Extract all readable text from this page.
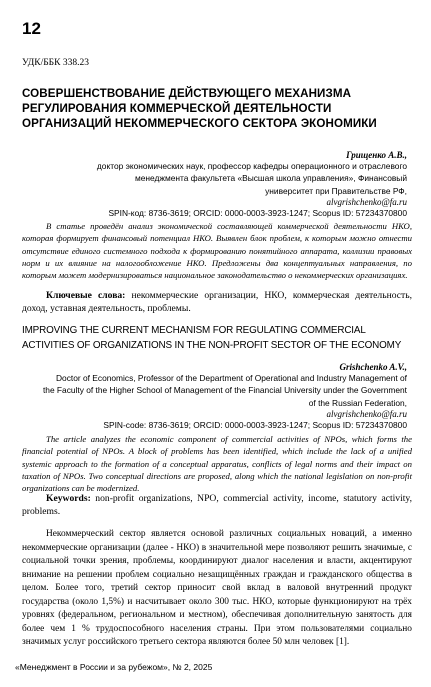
12
УДК/ББК 338.23
СОВЕРШЕНСТВОВАНИЕ ДЕЙСТВУЮЩЕГО МЕХАНИЗМА РЕГУЛИРОВАНИЯ КОММЕРЧЕСКОЙ ДЕЯТЕЛЬНОСТИ ОРГАНИЗАЦИЙ НЕКОММЕРЧЕСКОГО СЕКТОРА ЭКОНОМИКИ
Грищенко А.В.,
доктор экономических наук, профессор кафедры операционного и отраслевого
менеджмента факультета «Высшая школа управления», Финансовый
университет при Правительстве РФ,
alvgrishchenko@fa.ru
SPIN-код: 8736-3619; ORCID: 0000-0003-3923-1247; Scopus ID: 57234370800
В статье проведён анализ экономической составляющей коммерческой деятельности НКО, которая формирует финансовый потенциал НКО. Выявлен блок проблем, к которым можно отнести отсутствие единого системного подхода к формированию понятийного аппарата, коллизии правовых норм и их влияние на налогообложение НКО. Предложены два концептуальных направления, по которым может модернизироваться национальное законодательство о некоммерческих организациях.
Ключевые слова: некоммерческие организации, НКО, коммерческая деятельность, доход, уставная деятельность, проблемы.
IMPROVING THE CURRENT MECHANISM FOR REGULATING COMMERCIAL ACTIVITIES OF ORGANIZATIONS IN THE NON-PROFIT SECTOR OF THE ECONOMY
Grishchenko A.V.,
Doctor of Economics, Professor of the Department of Operational and Industry Management of
the Faculty of the Higher School of Management of the Financial University under the Government
of the Russian Federation,
alvgrishchenko@fa.ru
SPIN-code: 8736-3619; ORCID: 0000-0003-3923-1247; Scopus ID: 57234370800
The article analyzes the economic component of commercial activities of NPOs, which forms the financial potential of NPOs. A block of problems has been identified, which include the lack of a unified systemic approach to the formation of a conceptual apparatus, conflicts of legal norms and their impact on taxation of NPOs. Two conceptual directions are proposed, along which the national legislation on non-profit organizations can be modernized.
Keywords: non-profit organizations, NPO, commercial activity, income, statutory activity, problems.
Некоммерческий сектор является основой различных социальных новаций, а именно некоммерческие организации (далее - НКО) в значительной мере позволяют решить значимые, с социальной точки зрения, проблемы, координируют диалог населения и власти, акцентируют внимание на решении проблем социально незащищённых граждан и гражданского общества в целом. Более того, третий сектор приносит свой вклад в валовой внутренний продукт государства (около 1,5%) и насчитывает около 300 тыс. НКО, которые функционируют на трёх уровнях (федеральном, региональном и местном), обеспечивая дополнительную занятость для более чем 1 % трудоспособного населения страны. При этом пользователями социально значимых услуг российского третьего сектора являются более 50 млн человек [1].
«Менеджмент в России и за рубежом», № 2, 2025
